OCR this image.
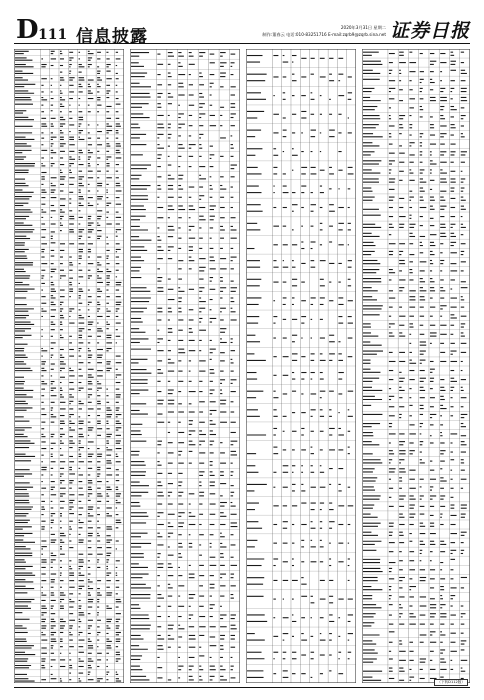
D 111 信息披露	2020年3月31日 星期二
制作:董春云 电话:010-83251716 E-mail:zqrb9@zqrb.sina.net 证券日报
（下转D112版）
